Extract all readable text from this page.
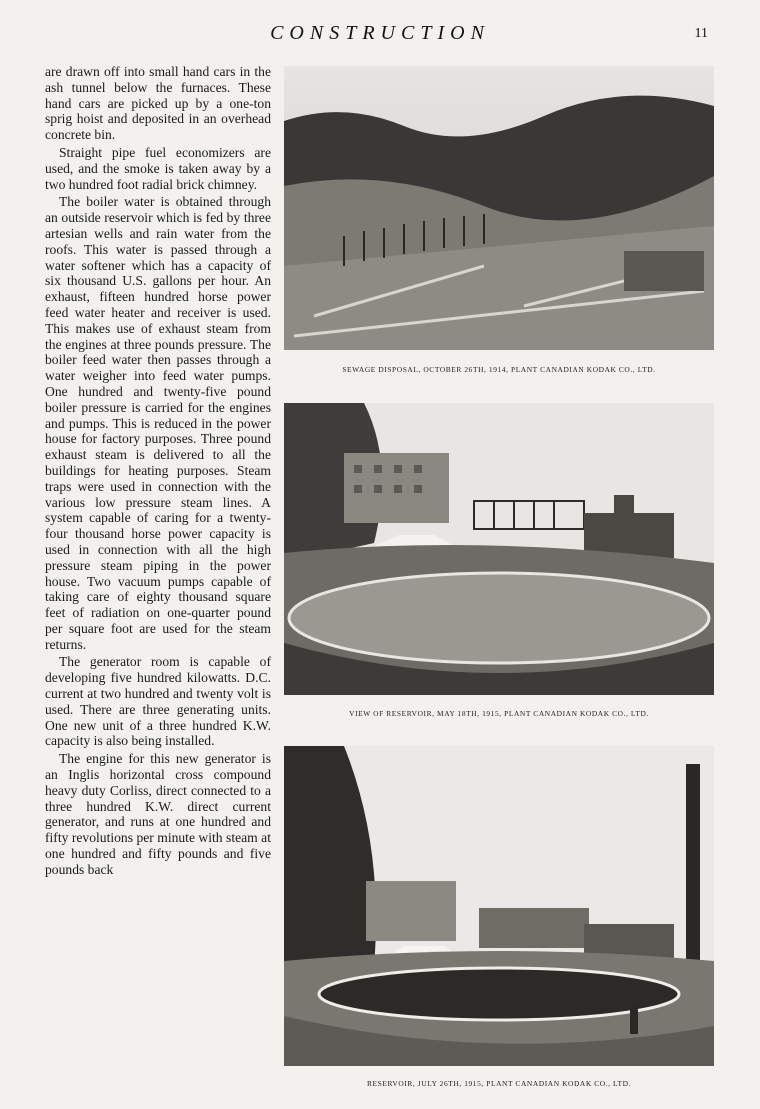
CONSTRUCTION	11

are drawn off into small hand cars in the ash tunnel below the furnaces. These hand cars are picked up by a one-ton sprig hoist and deposited in an overhead concrete bin.

Straight pipe fuel economizers are used, and the smoke is taken away by a two hundred foot radial brick chimney.

The boiler water is obtained through an outside reservoir which is fed by three artesian wells and rain water from the roofs. This water is passed through a water softener which has a capacity of six thousand U.S. gallons per hour. An exhaust, fifteen hundred horse power feed water heater and receiver is used. This makes use of exhaust steam from the engines at three pounds pressure. The boiler feed water then passes through a water weigher into feed water pumps. One hundred and twenty-five pound boiler pressure is carried for the engines and pumps. This is reduced in the power house for factory purposes. Three pound exhaust steam is delivered to all the buildings for heating purposes. Steam traps were used in connection with the various low pressure steam lines. A system capable of caring for a twenty-four thousand horse power capacity is used in connection with all the high pressure steam piping in the power house. Two vacuum pumps capable of taking care of eighty thousand square feet of radiation on one-quarter pound per square foot are used for the steam returns.

The generator room is capable of developing five hundred kilowatts. D.C. current at two hundred and twenty volt is used. There are three generating units. One new unit of a three hundred K.W. capacity is also being installed.

The engine for this new generator is an Inglis horizontal cross compound heavy duty Corliss, direct connected to a three hundred K.W. direct current generator, and runs at one hundred and fifty revolutions per minute with steam at one hundred and fifty pounds and five pounds back

SEWAGE DISPOSAL, OCTOBER 26TH, 1914, PLANT CANADIAN KODAK CO., LTD.
VIEW OF RESERVOIR, MAY 18TH, 1915, PLANT CANADIAN KODAK CO., LTD.
RESERVOIR, JULY 26TH, 1915, PLANT CANADIAN KODAK CO., LTD.
